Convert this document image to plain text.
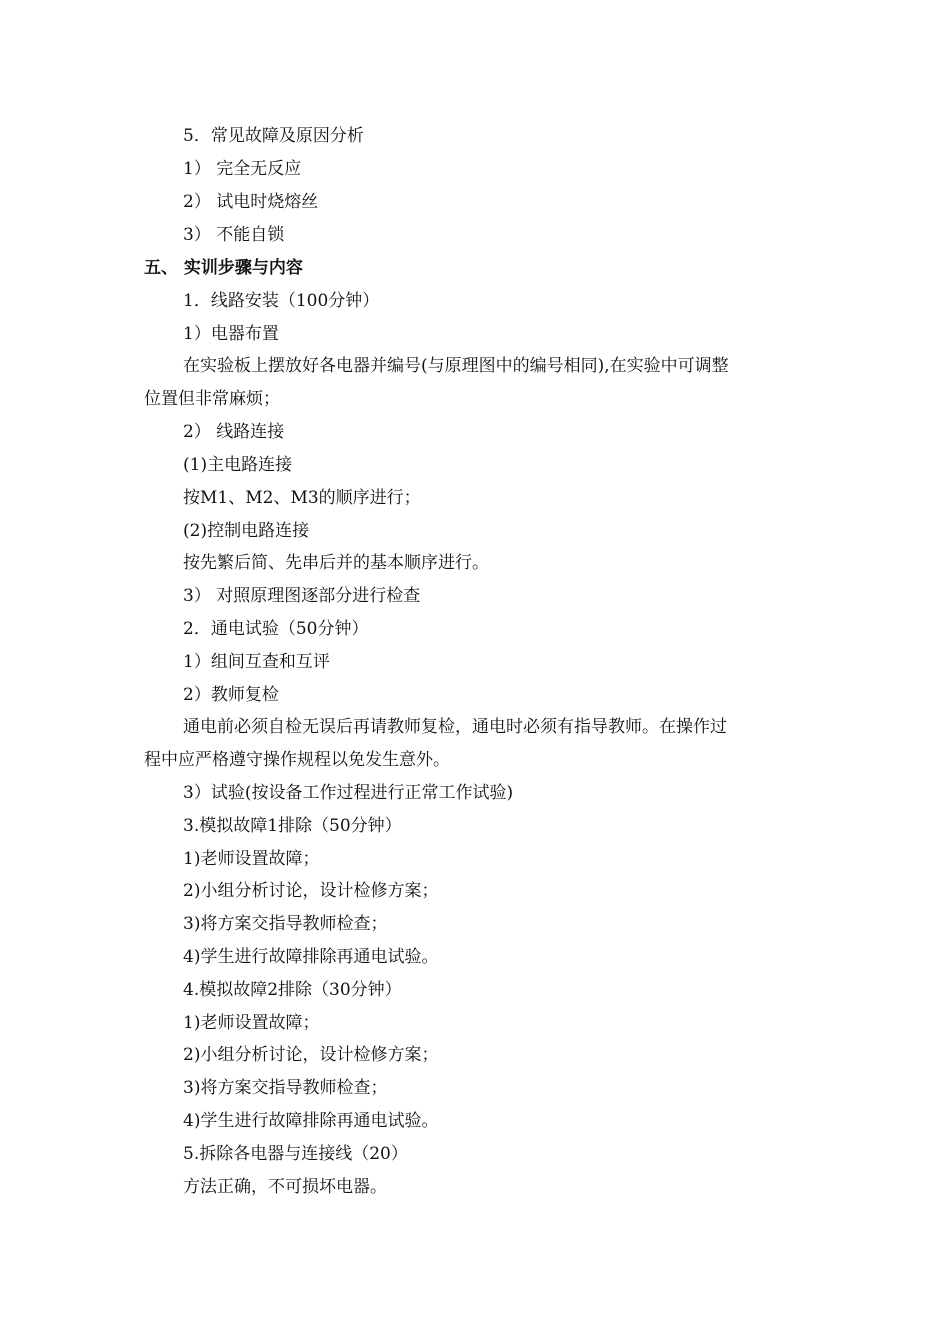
5．常见故障及原因分析
1） 完全无反应
2） 试电时烧熔丝
3） 不能自锁
五、 实训步骤与内容
1．线路安装（100分钟）
1）电器布置
在实验板上摆放好各电器并编号(与原理图中的编号相同),在实验中可调整
位置但非常麻烦；
2） 线路连接
(1)主电路连接
按M1、M2、M3的顺序进行；
(2)控制电路连接
按先繁后简、先串后并的基本顺序进行。
3） 对照原理图逐部分进行检查
2．通电试验（50分钟）
1）组间互查和互评
2）教师复检
通电前必须自检无误后再请教师复检，通电时必须有指导教师。在操作过
程中应严格遵守操作规程以免发生意外。
3）试验(按设备工作过程进行正常工作试验)
3.模拟故障1排除（50分钟）
1)老师设置故障；
2)小组分析讨论，设计检修方案；
3)将方案交指导教师检查；
4)学生进行故障排除再通电试验。
4.模拟故障2排除（30分钟）
1)老师设置故障；
2)小组分析讨论，设计检修方案；
3)将方案交指导教师检查；
4)学生进行故障排除再通电试验。
5.拆除各电器与连接线（20）
方法正确，不可损坏电器。
